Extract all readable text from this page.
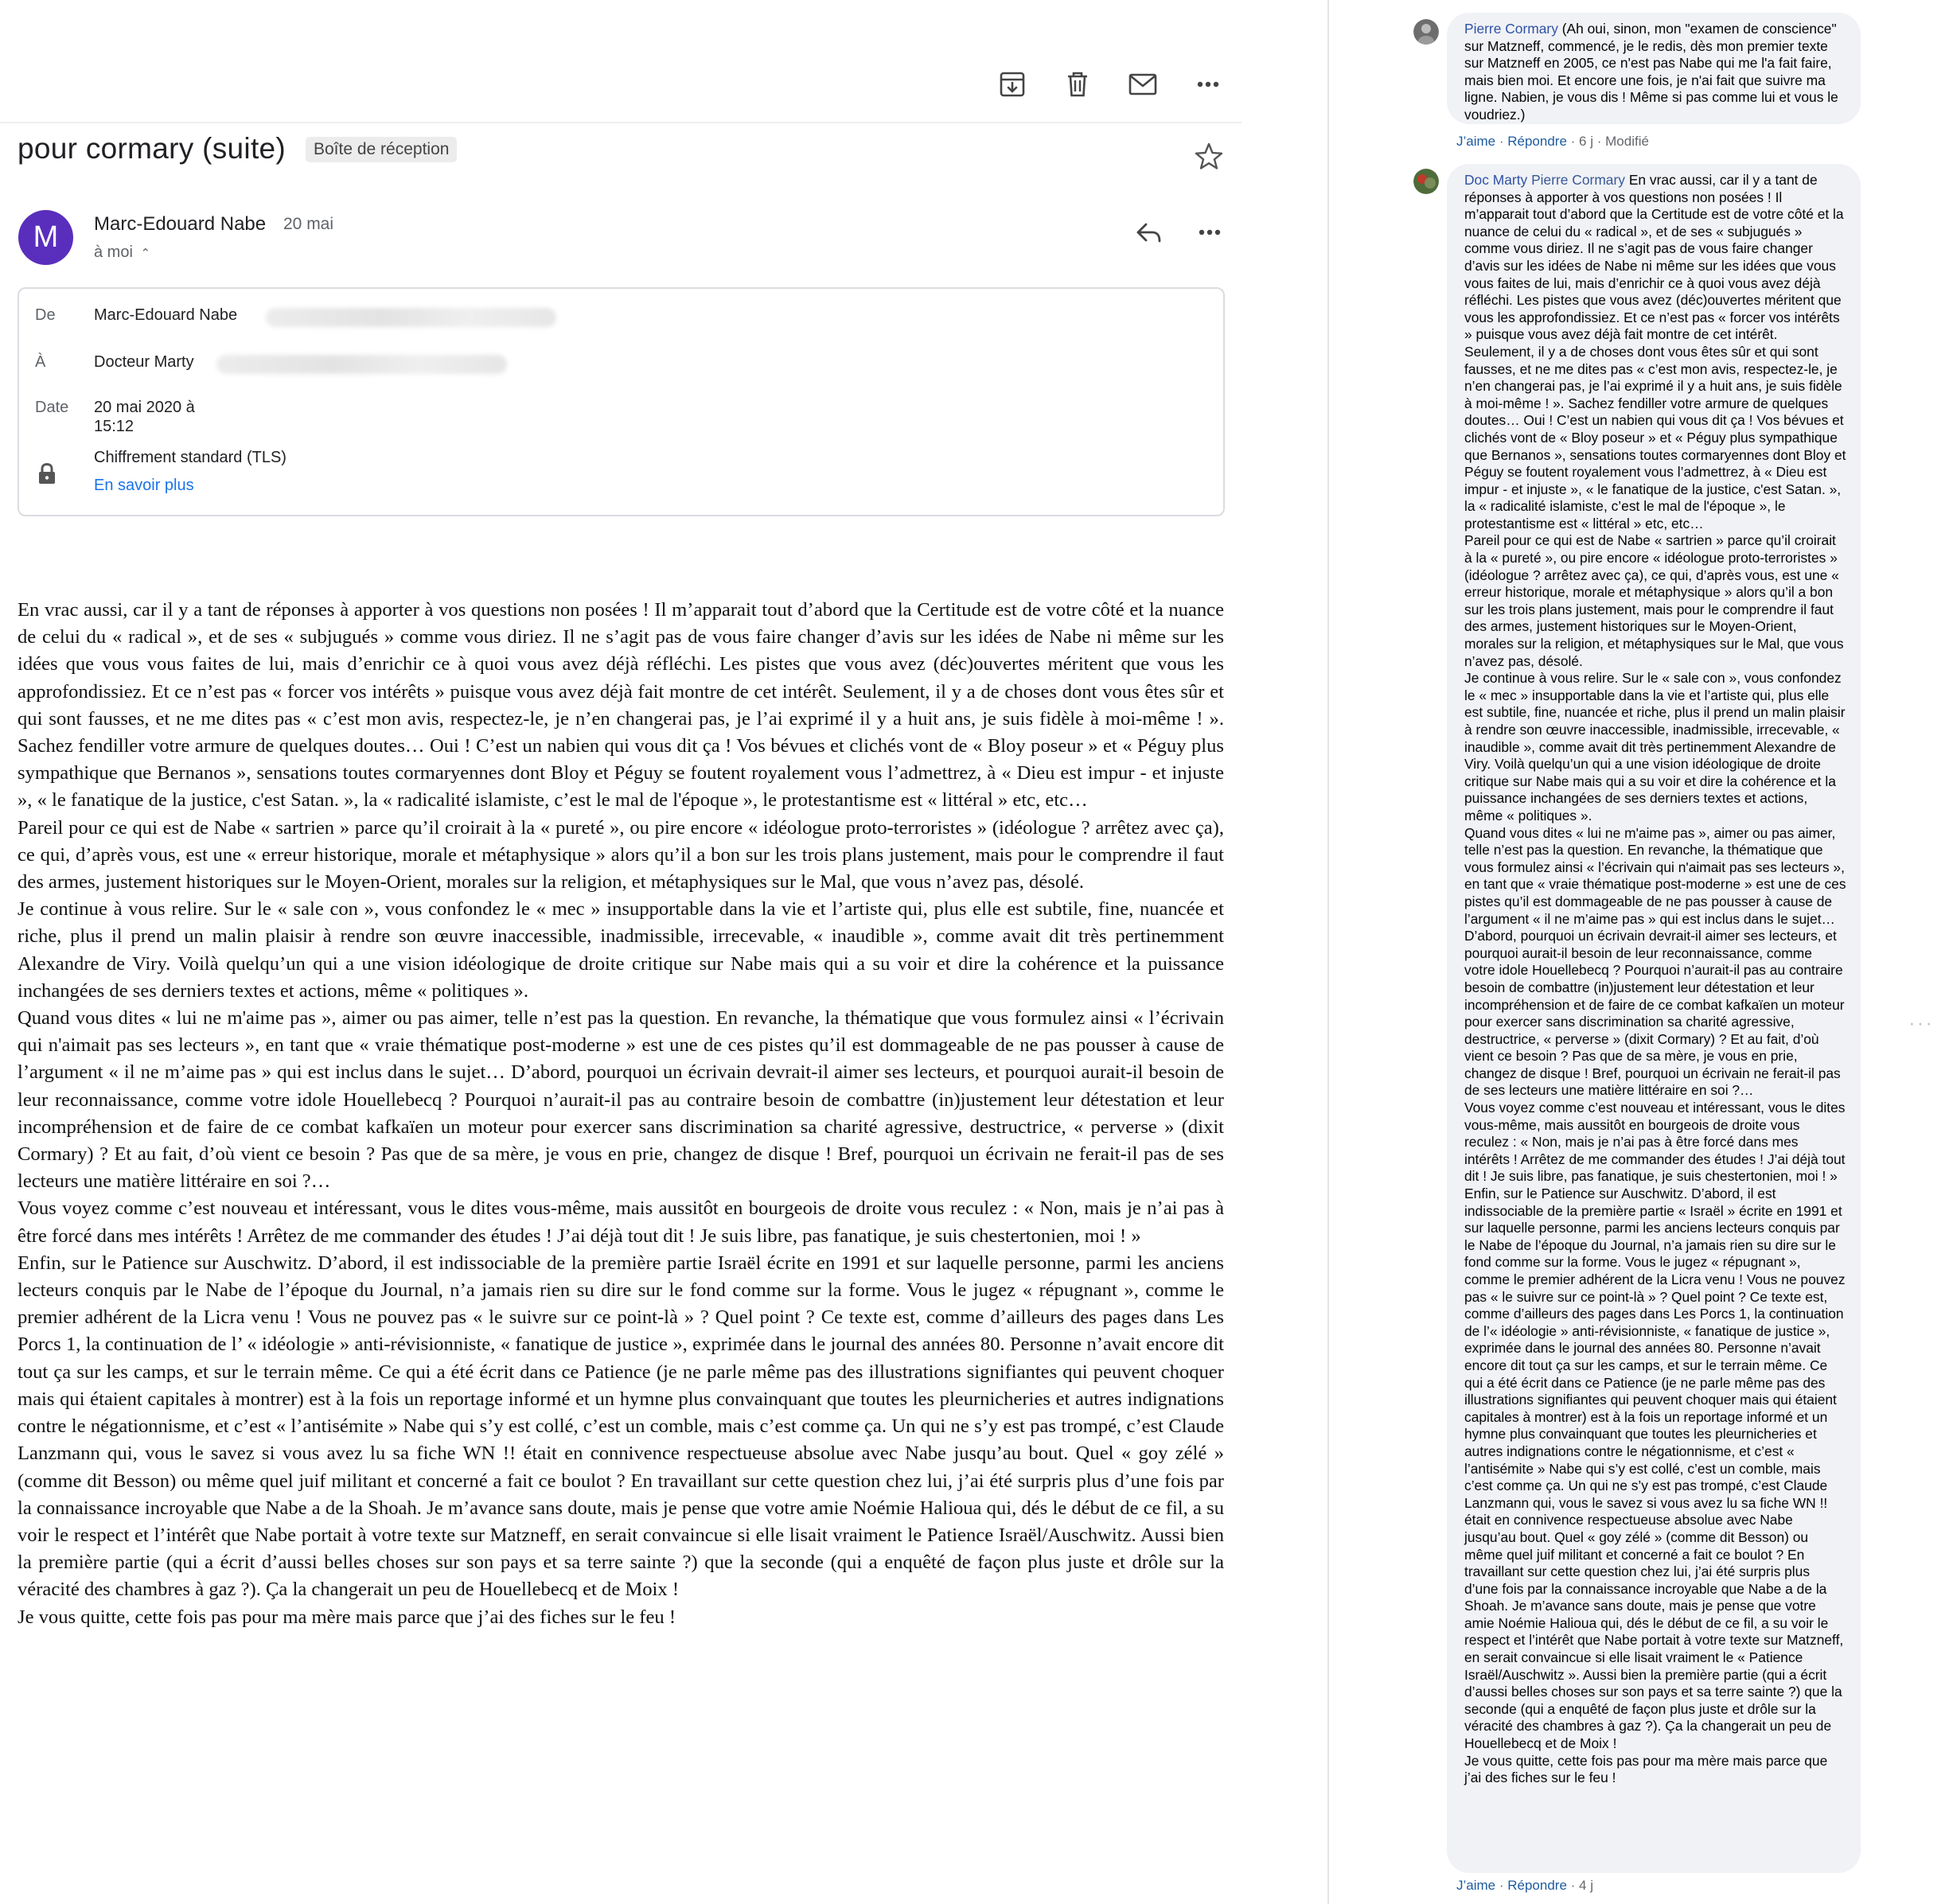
pour cormary (suite)	Boîte de réception
M	Marc-Edouard Nabe 20 mai
à moi ⌃
De Marc-Edouard Nabe
À	Docteur Marty
Date 20 mai 2020 à
15:12
Chiffrement standard (TLS)
En savoir plus

En vrac aussi, car il y a tant de réponses à apporter à vos questions non posées ! Il m’apparait tout d’abord que la Certitude est de votre côté et la nuance de celui du « radical », et de ses « subjugués » comme vous diriez. Il ne s’agit pas de vous faire changer d’avis sur les idées de Nabe ni même sur les idées que vous vous faites de lui, mais d’enrichir ce à quoi vous avez déjà réfléchi. Les pistes que vous avez (déc)ouvertes méritent que vous les approfondissiez. Et ce n’est pas « forcer vos intérêts » puisque vous avez déjà fait montre de cet intérêt. Seulement, il y a de choses dont vous êtes sûr et qui sont fausses, et ne me dites pas « c’est mon avis, respectez-le, je n’en changerai pas, je l’ai exprimé il y a huit ans, je suis fidèle à moi-même ! ». Sachez fendiller votre armure de quelques doutes… Oui ! C’est un nabien qui vous dit ça ! Vos bévues et clichés vont de « Bloy poseur » et « Péguy plus sympathique que Bernanos », sensations toutes cormaryennes dont Bloy et Péguy se foutent royalement vous l’admettrez, à « Dieu est impur - et injuste », « le fanatique de la justice, c'est Satan. », la « radicalité islamiste, c’est le mal de l'époque », le protestantisme est « littéral » etc, etc…

Pareil pour ce qui est de Nabe « sartrien » parce qu’il croirait à la « pureté », ou pire encore « idéologue proto-terroristes » (idéologue ? arrêtez avec ça), ce qui, d’après vous, est une « erreur historique, morale et métaphysique » alors qu’il a bon sur les trois plans justement, mais pour le comprendre il faut des armes, justement historiques sur le Moyen-Orient, morales sur la religion, et métaphysiques sur le Mal, que vous n’avez pas, désolé.

Je continue à vous relire. Sur le « sale con », vous confondez le « mec » insupportable dans la vie et l’artiste qui, plus elle est subtile, fine, nuancée et riche, plus il prend un malin plaisir à rendre son œuvre inaccessible, inadmissible, irrecevable, « inaudible », comme avait dit très pertinemment Alexandre de Viry. Voilà quelqu’un qui a une vision idéologique de droite critique sur Nabe mais qui a su voir et dire la cohérence et la puissance inchangées de ses derniers textes et actions, même « politiques ».

Quand vous dites « lui ne m'aime pas », aimer ou pas aimer, telle n’est pas la question. En revanche, la thématique que vous formulez ainsi « l’écrivain qui n'aimait pas ses lecteurs », en tant que « vraie thématique post-moderne » est une de ces pistes qu’il est dommageable de ne pas pousser à cause de l’argument « il ne m’aime pas » qui est inclus dans le sujet… D’abord, pourquoi un écrivain devrait-il aimer ses lecteurs, et pourquoi aurait-il besoin de leur reconnaissance, comme votre idole Houellebecq ? Pourquoi n’aurait-il pas au contraire besoin de combattre (in)justement leur détestation et leur incompréhension et de faire de ce combat kafkaïen un moteur pour exercer sans discrimination sa charité agressive, destructrice, « perverse » (dixit Cormary) ? Et au fait, d’où vient ce besoin ? Pas que de sa mère, je vous en prie, changez de disque ! Bref, pourquoi un écrivain ne ferait-il pas de ses lecteurs une matière littéraire en soi ?…

Vous voyez comme c’est nouveau et intéressant, vous le dites vous-même, mais aussitôt en bourgeois de droite vous reculez : « Non, mais je n’ai pas à être forcé dans mes intérêts ! Arrêtez de me commander des études ! J’ai déjà tout dit ! Je suis libre, pas fanatique, je suis chestertonien, moi ! »

Enfin, sur le Patience sur Auschwitz. D’abord, il est indissociable de la première partie Israël écrite en 1991 et sur laquelle personne, parmi les anciens lecteurs conquis par le Nabe de l’époque du Journal, n’a jamais rien su dire sur le fond comme sur la forme. Vous le jugez « répugnant », comme le premier adhérent de la Licra venu ! Vous ne pouvez pas « le suivre sur ce point-là » ? Quel point ? Ce texte est, comme d’ailleurs des pages dans Les Porcs 1, la continuation de l’ « idéologie » anti-révisionniste, « fanatique de justice », exprimée dans le journal des années 80. Personne n’avait encore dit tout ça sur les camps, et sur le terrain même. Ce qui a été écrit dans ce Patience (je ne parle même pas des illustrations signifiantes qui peuvent choquer mais qui étaient capitales à montrer) est à la fois un reportage informé et un hymne plus convainquant que toutes les pleurnicheries et autres indignations contre le négationnisme, et c’est « l’antisémite » Nabe qui s’y est collé, c’est un comble, mais c’est comme ça. Un qui ne s’y est pas trompé, c’est Claude Lanzmann qui, vous le savez si vous avez lu sa fiche WN !! était en connivence respectueuse absolue avec Nabe jusqu’au bout. Quel « goy zélé » (comme dit Besson) ou même quel juif militant et concerné a fait ce boulot ? En travaillant sur cette question chez lui, j’ai été surpris plus d’une fois par la connaissance incroyable que Nabe a de la Shoah. Je m’avance sans doute, mais je pense que votre amie Noémie Halioua qui, dés le début de ce fil, a su voir le respect et l’intérêt que Nabe portait à votre texte sur Matzneff, en serait convaincue si elle lisait vraiment le Patience Israël/Auschwitz. Aussi bien la première partie (qui a écrit d’aussi belles choses sur son pays et sa terre sainte ?) que la seconde (qui a enquêté de façon plus juste et drôle sur la véracité des chambres à gaz ?). Ça la changerait un peu de Houellebecq et de Moix !

Je vous quitte, cette fois pas pour ma mère mais parce que j’ai des fiches sur le feu !

Pierre Cormary (Ah oui, sinon, mon "examen de conscience" sur Matzneff, commencé, je le redis, dès mon premier texte sur Matzneff en 2005, ce n'est pas Nabe qui me l'a fait faire, mais bien moi. Et encore une fois, je n'ai fait que suivre ma ligne. Nabien, je vous dis ! Même si pas comme lui et vous le voudriez.)
J’aime · Répondre · 6 j · Modifié
Doc Marty Pierre Cormary En vrac aussi, car il y a tant de réponses à apporter à vos questions non posées ! Il m’apparait tout d’abord que la Certitude est de votre côté et la nuance de celui du « radical », et de ses « subjugués » comme vous diriez. Il ne s’agit pas de vous faire changer d’avis sur les idées de Nabe ni même sur les idées que vous vous faites de lui, mais d’enrichir ce à quoi vous avez déjà réfléchi. Les pistes que vous avez (déc)ouvertes méritent que vous les approfondissiez. Et ce n’est pas « forcer vos intérêts » puisque vous avez déjà fait montre de cet intérêt. Seulement, il y a de choses dont vous êtes sûr et qui sont fausses, et ne me dites pas « c’est mon avis, respectez-le, je n’en changerai pas, je l’ai exprimé il y a huit ans, je suis fidèle à moi-même ! ». Sachez fendiller votre armure de quelques doutes… Oui ! C’est un nabien qui vous dit ça ! Vos bévues et clichés vont de « Bloy poseur » et « Péguy plus sympathique que Bernanos », sensations toutes cormaryennes dont Bloy et Péguy se foutent royalement vous l’admettrez, à « Dieu est impur - et injuste », « le fanatique de la justice, c'est Satan. », la « radicalité islamiste, c’est le mal de l'époque », le protestantisme est « littéral » etc, etc…
Pareil pour ce qui est de Nabe « sartrien » parce qu’il croirait à la « pureté », ou pire encore « idéologue proto-terroristes » (idéologue ? arrêtez avec ça), ce qui, d’après vous, est une « erreur historique, morale et métaphysique » alors qu’il a bon sur les trois plans justement, mais pour le comprendre il faut des armes, justement historiques sur le Moyen-Orient, morales sur la religion, et métaphysiques sur le Mal, que vous n’avez pas, désolé.
Je continue à vous relire. Sur le « sale con », vous confondez le « mec » insupportable dans la vie et l’artiste qui, plus elle est subtile, fine, nuancée et riche, plus il prend un malin plaisir à rendre son œuvre inaccessible, inadmissible, irrecevable, « inaudible », comme avait dit très pertinemment Alexandre de Viry. Voilà quelqu’un qui a une vision idéologique de droite critique sur Nabe mais qui a su voir et dire la cohérence et la puissance inchangées de ses derniers textes et actions, même « politiques ».
Quand vous dites « lui ne m'aime pas », aimer ou pas aimer, telle n’est pas la question. En revanche, la thématique que vous formulez ainsi « l’écrivain qui n'aimait pas ses lecteurs », en tant que « vraie thématique post-moderne » est une de ces pistes qu’il est dommageable de ne pas pousser à cause de l’argument « il ne m’aime pas » qui est inclus dans le sujet… D’abord, pourquoi un écrivain devrait-il aimer ses lecteurs, et pourquoi aurait-il besoin de leur reconnaissance, comme votre idole Houellebecq ? Pourquoi n’aurait-il pas au contraire besoin de combattre (in)justement leur détestation et leur incompréhension et de faire de ce combat kafkaïen un moteur pour exercer sans discrimination sa charité agressive, destructrice, « perverse » (dixit Cormary) ? Et au fait, d’où vient ce besoin ? Pas que de sa mère, je vous en prie, changez de disque ! Bref, pourquoi un écrivain ne ferait-il pas de ses lecteurs une matière littéraire en soi ?…
Vous voyez comme c’est nouveau et intéressant, vous le dites vous-même, mais aussitôt en bourgeois de droite vous reculez : « Non, mais je n’ai pas à être forcé dans mes intérêts ! Arrêtez de me commander des études ! J’ai déjà tout dit ! Je suis libre, pas fanatique, je suis chestertonien, moi ! »
Enfin, sur le Patience sur Auschwitz. D’abord, il est indissociable de la première partie « Israël » écrite en 1991 et sur laquelle personne, parmi les anciens lecteurs conquis par le Nabe de l’époque du Journal, n’a jamais rien su dire sur le fond comme sur la forme. Vous le jugez « répugnant », comme le premier adhérent de la Licra venu ! Vous ne pouvez pas « le suivre sur ce point-là » ? Quel point ? Ce texte est, comme d’ailleurs des pages dans Les Porcs 1, la continuation de l’« idéologie » anti-révisionniste, « fanatique de justice », exprimée dans le journal des années 80. Personne n’avait encore dit tout ça sur les camps, et sur le terrain même. Ce qui a été écrit dans ce Patience (je ne parle même pas des illustrations signifiantes qui peuvent choquer mais qui étaient capitales à montrer) est à la fois un reportage informé et un hymne plus convainquant que toutes les pleurnicheries et autres indignations contre le négationnisme, et c’est « l’antisémite » Nabe qui s’y est collé, c’est un comble, mais c’est comme ça. Un qui ne s’y est pas trompé, c’est Claude Lanzmann qui, vous le savez si vous avez lu sa fiche WN !! était en connivence respectueuse absolue avec Nabe jusqu’au bout. Quel « goy zélé » (comme dit Besson) ou même quel juif militant et concerné a fait ce boulot ? En travaillant sur cette question chez lui, j’ai été surpris plus d’une fois par la connaissance incroyable que Nabe a de la Shoah. Je m’avance sans doute, mais je pense que votre amie Noémie Halioua qui, dés le début de ce fil, a su voir le respect et l’intérêt que Nabe portait à votre texte sur Matzneff, en serait convaincue si elle lisait vraiment le « Patience Israël/Auschwitz ». Aussi bien la première partie (qui a écrit d’aussi belles choses sur son pays et sa terre sainte ?) que la seconde (qui a enquêté de façon plus juste et drôle sur la véracité des chambres à gaz ?). Ça la changerait un peu de Houellebecq et de Moix !
Je vous quitte, cette fois pas pour ma mère mais parce que j’ai des fiches sur le feu !
J’aime · Répondre · 4 j
···
